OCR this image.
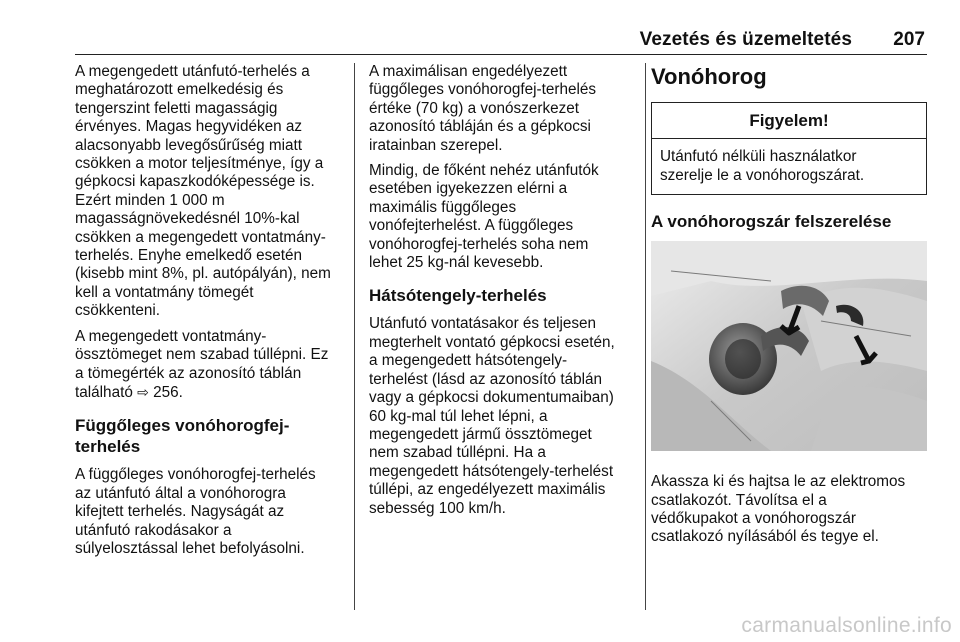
Vezetés és üzemeltetés 207

A megengedett utánfutó-terhelés a
meghatározott emelkedésig és
tengerszint feletti magasságig
érvényes. Magas hegyvidéken az
alacsonyabb levegősűrűség miatt
csökken a motor teljesítménye, így a
gépkocsi kapaszkodóképessége is.
Ezért minden 1 000 m
magasságnövekedésnél 10%-kal
csökken a megengedett vontatmány-
terhelés. Enyhe emelkedő esetén
(kisebb mint 8%, pl. autópályán), nem
kell a vontatmány tömegét
csökkenteni.

A megengedett vontatmány-
össztömeget nem szabad túllépni. Ez
a tömegérték az azonosító táblán
található ⇨ 256.

Függőleges vonóhorogfej-
terhelés

A függőleges vonóhorogfej-terhelés
az utánfutó által a vonóhorogra
kifejtett terhelés. Nagyságát az
utánfutó rakodásakor a
súlyelosztással lehet befolyásolni.

A maximálisan engedélyezett
függőleges vonóhorogfej-terhelés
értéke (70 kg) a vonószerkezet
azonosító tábláján és a gépkocsi
iratainban szerepel.

Mindig, de főként nehéz utánfutók
esetében igyekezzen elérni a
maximális függőleges
vonófejterhelést. A függőleges
vonóhorogfej-terhelés soha nem
lehet 25 kg-nál kevesebb.

Hátsótengely-terhelés

Utánfutó vontatásakor és teljesen
megterhelt vontató gépkocsi esetén,
a megengedett hátsótengely-
terhelést (lásd az azonosító táblán
vagy a gépkocsi dokumentumaiban)
60 kg-mal túl lehet lépni, a
megengedett jármű össztömeget
nem szabad túllépni. Ha a
megengedett hátsótengely-terhelést
túllépi, az engedélyezett maximális
sebesség 100 km/h.

Vonóhorog
Figyelem!
Utánfutó nélküli használatkor
szerelje le a vonóhorogszárat.
A vonóhorogszár felszerelése

Akassza ki és hajtsa le az elektromos
csatlakozót. Távolítsa el a
védőkupakot a vonóhorogszár
csatlakozó nyílásából és tegye el.

carmanualsonline.info
